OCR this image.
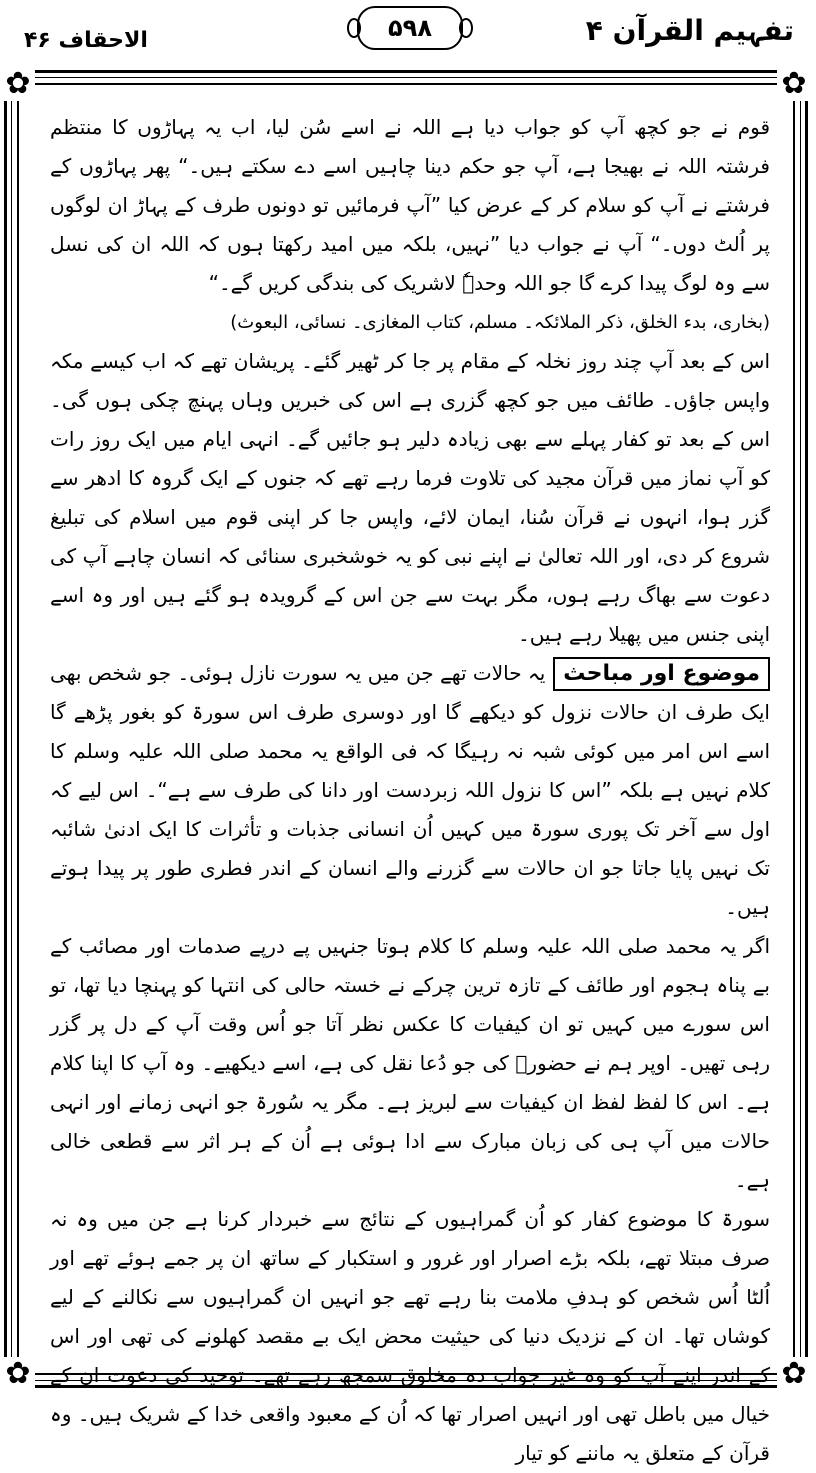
الاحقاف ۴۶	۵۹۸	تفہیم القرآن ۴
✿	✿
✿	✿

قوم نے جو کچھ آپ کو جواب دیا ہے اللہ نے اسے سُن لیا، اب یہ پہاڑوں کا منتظم فرشتہ اللہ نے بھیجا ہے، آپ جو حکم دینا چاہیں اسے دے سکتے ہیں۔“ پھر پہاڑوں کے فرشتے نے آپ کو سلام کر کے عرض کیا ”آپ فرمائیں تو دونوں طرف کے پہاڑ ان لوگوں پر اُلٹ دوں۔“ آپ نے جواب دیا ”نہیں، بلکہ میں امید رکھتا ہوں کہ اللہ ان کی نسل سے وہ لوگ پیدا کرے گا جو اللہ وحدہٗ لاشریک کی بندگی کریں گے۔“

(بخاری، بدء الخلق، ذکر الملائکہ۔ مسلم، کتاب المغازی۔ نسائی، البعوث)

اس کے بعد آپ چند روز نخلہ کے مقام پر جا کر ٹھیر گئے۔ پریشان تھے کہ اب کیسے مکہ واپس جاؤں۔ طائف میں جو کچھ گزری ہے اس کی خبریں وہاں پہنچ چکی ہوں گی۔ اس کے بعد تو کفار پہلے سے بھی زیادہ دلیر ہو جائیں گے۔ انہی ایام میں ایک روز رات کو آپ نماز میں قرآن مجید کی تلاوت فرما رہے تھے کہ جنوں کے ایک گروہ کا ادھر سے گزر ہوا، انہوں نے قرآن سُنا، ایمان لائے، واپس جا کر اپنی قوم میں اسلام کی تبلیغ شروع کر دی، اور اللہ تعالیٰ نے اپنے نبی کو یہ خوشخبری سنائی کہ انسان چاہے آپ کی دعوت سے بھاگ رہے ہوں، مگر بہت سے جن اس کے گرویدہ ہو گئے ہیں اور وہ اسے اپنی جنس میں پھیلا رہے ہیں۔

موضوع اور مباحثیہ حالات تھے جن میں یہ سورت نازل ہوئی۔ جو شخص بھی ایک طرف ان حالات نزول کو دیکھے گا اور دوسری طرف اس سورۃ کو بغور پڑھے گا اسے اس امر میں کوئی شبہ نہ رہیگا کہ فی الواقع یہ محمد صلی اللہ علیہ وسلم کا کلام نہیں ہے بلکہ ”اس کا نزول اللہ زبردست اور دانا کی طرف سے ہے“۔ اس لیے کہ اول سے آخر تک پوری سورۃ میں کہیں اُن انسانی جذبات و تأثرات کا ایک ادنیٰ شائبہ تک نہیں پایا جاتا جو ان حالات سے گزرنے والے انسان کے اندر فطری طور پر پیدا ہوتے ہیں۔

اگر یہ محمد صلی اللہ علیہ وسلم کا کلام ہوتا جنہیں پے درپے صدمات اور مصائب کے بے پناہ ہجوم اور طائف کے تازہ ترین چرکے نے خستہ حالی کی انتہا کو پہنچا دیا تھا، تو اس سورے میں کہیں تو ان کیفیات کا عکس نظر آتا جو اُس وقت آپ کے دل پر گزر رہی تھیں۔ اوپر ہم نے حضورؐ کی جو دُعا نقل کی ہے، اسے دیکھیے۔ وہ آپ کا اپنا کلام ہے۔ اس کا لفظ لفظ ان کیفیات سے لبریز ہے۔ مگر یہ سُورۃ جو انہی زمانے اور انہی حالات میں آپ ہی کی زبان مبارک سے ادا ہوئی ہے اُن کے ہر اثر سے قطعی خالی ہے۔

سورۃ کا موضوع کفار کو اُن گمراہیوں کے نتائج سے خبردار کرنا ہے جن میں وہ نہ صرف مبتلا تھے، بلکہ بڑے اصرار اور غرور و استکبار کے ساتھ ان پر جمے ہوئے تھے اور اُلٹا اُس شخص کو ہدفِ ملامت بنا رہے تھے جو انہیں ان گمراہیوں سے نکالنے کے لیے کوشاں تھا۔ ان کے نزدیک دنیا کی حیثیت محض ایک بے مقصد کھلونے کی تھی اور اس کے اندر اپنے آپ کو وہ غیر جواب دہ مخلوق سمجھ رہے تھے۔ توحید کی دعوت ان کے خیال میں باطل تھی اور انہیں اصرار تھا کہ اُن کے معبود واقعی خدا کے شریک ہیں۔ وہ قرآن کے متعلق یہ ماننے کو تیار
